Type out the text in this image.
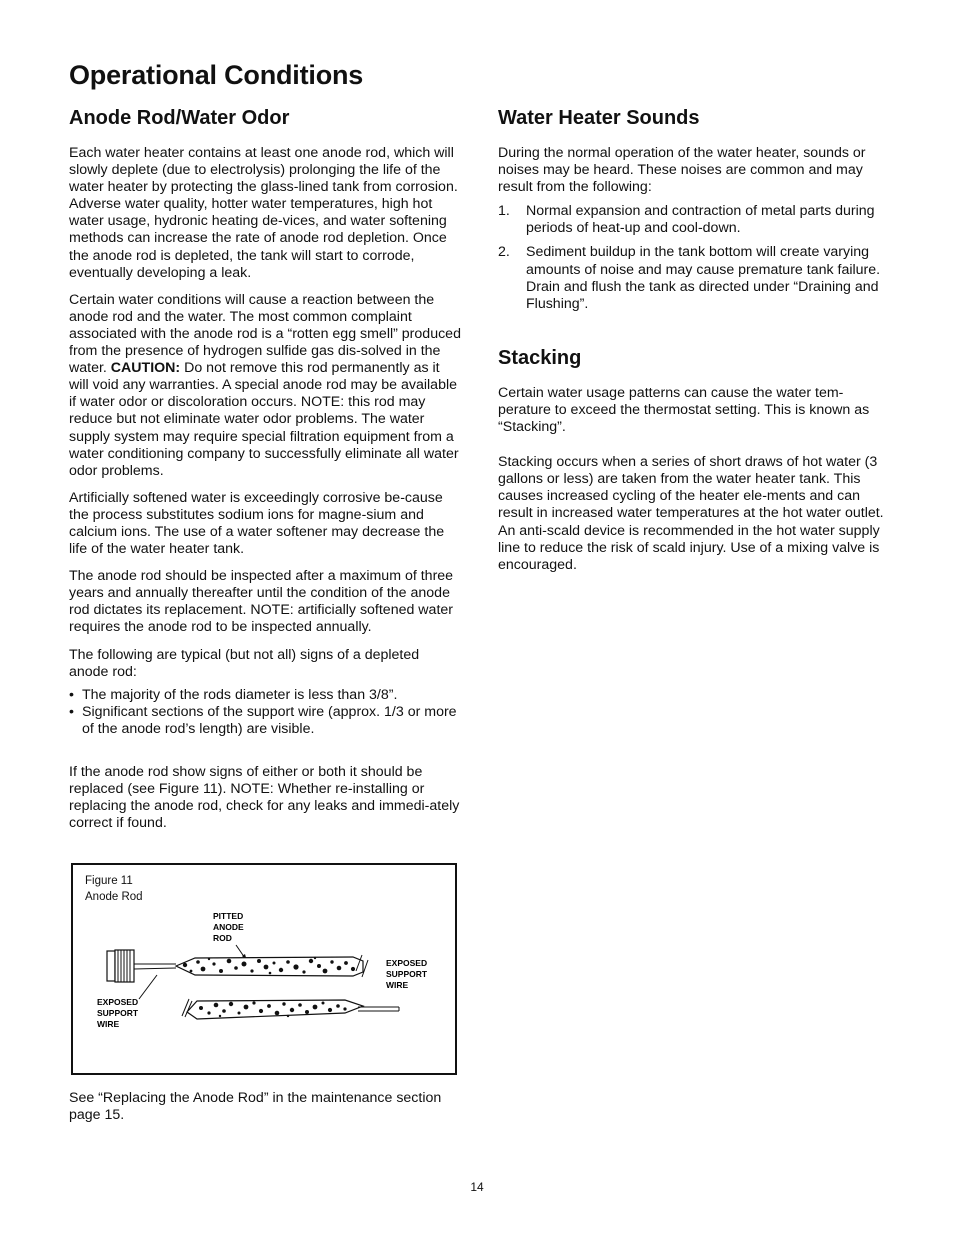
Operational Conditions
Anode Rod/Water Odor

Each water heater contains at least one anode rod, which will slowly deplete (due to electrolysis) prolonging the life of the water heater by protecting the glass-lined tank from corrosion. Adverse water quality, hotter water temperatures, high hot water usage, hydronic heating de-vices, and water softening methods can increase the rate of anode rod depletion. Once the anode rod is depleted, the tank will start to corrode, eventually developing a leak.

Certain water conditions will cause a reaction between the anode rod and the water. The most common complaint associated with the anode rod is a “rotten egg smell” produced from the presence of hydrogen sulfide gas dis-solved in the water. CAUTION: Do not remove this rod permanently as it will void any warranties. A special anode rod may be available if water odor or discoloration occurs. NOTE: this rod may reduce but not eliminate water odor problems. The water supply system may require special filtration equipment from a water conditioning company to successfully eliminate all water odor problems.

Artificially softened water is exceedingly corrosive be-cause the process substitutes sodium ions for magne-sium and calcium ions. The use of a water softener may decrease the life of the water heater tank.

The anode rod should be inspected after a maximum of three years and annually thereafter until the condition of the anode rod dictates its replacement. NOTE: artificially softened water requires the anode rod to be inspected annually.

The following are typical (but not all) signs of a depleted anode rod:

• The majority of the rods diameter is less than 3/8”.
• Significant sections of the support wire (approx. 1/3 or more of the anode rod’s length) are visible.

If the anode rod show signs of either or both it should be replaced (see Figure 11). NOTE: Whether re-installing or replacing the anode rod, check for any leaks and immedi-ately correct if found.

Figure 11
Anode Rod
PITTED
ANODE
ROD
EXPOSED
SUPPORT
WIRE
EXPOSED
SUPPORT
WIRE

See “Replacing the Anode Rod” in the maintenance section page 15.

Water Heater Sounds

During the normal operation of the water heater, sounds or noises may be heard. These noises are common and may result from the following:

1. Normal expansion and contraction of metal parts during periods of heat-up and cool-down.
2. Sediment buildup in the tank bottom will create varying amounts of noise and may cause premature tank failure. Drain and flush the tank as directed under “Draining and Flushing”.
Stacking

Certain water usage patterns can cause the water tem-perature to exceed the thermostat setting. This is known as “Stacking”.

Stacking occurs when a series of short draws of hot water (3 gallons or less) are taken from the water heater tank. This causes increased cycling of the heater ele-ments and can result in increased water temperatures at the hot water outlet. An anti-scald device is recommended in the hot water supply line to reduce the risk of scald injury. Use of a mixing valve is encouraged.

14
